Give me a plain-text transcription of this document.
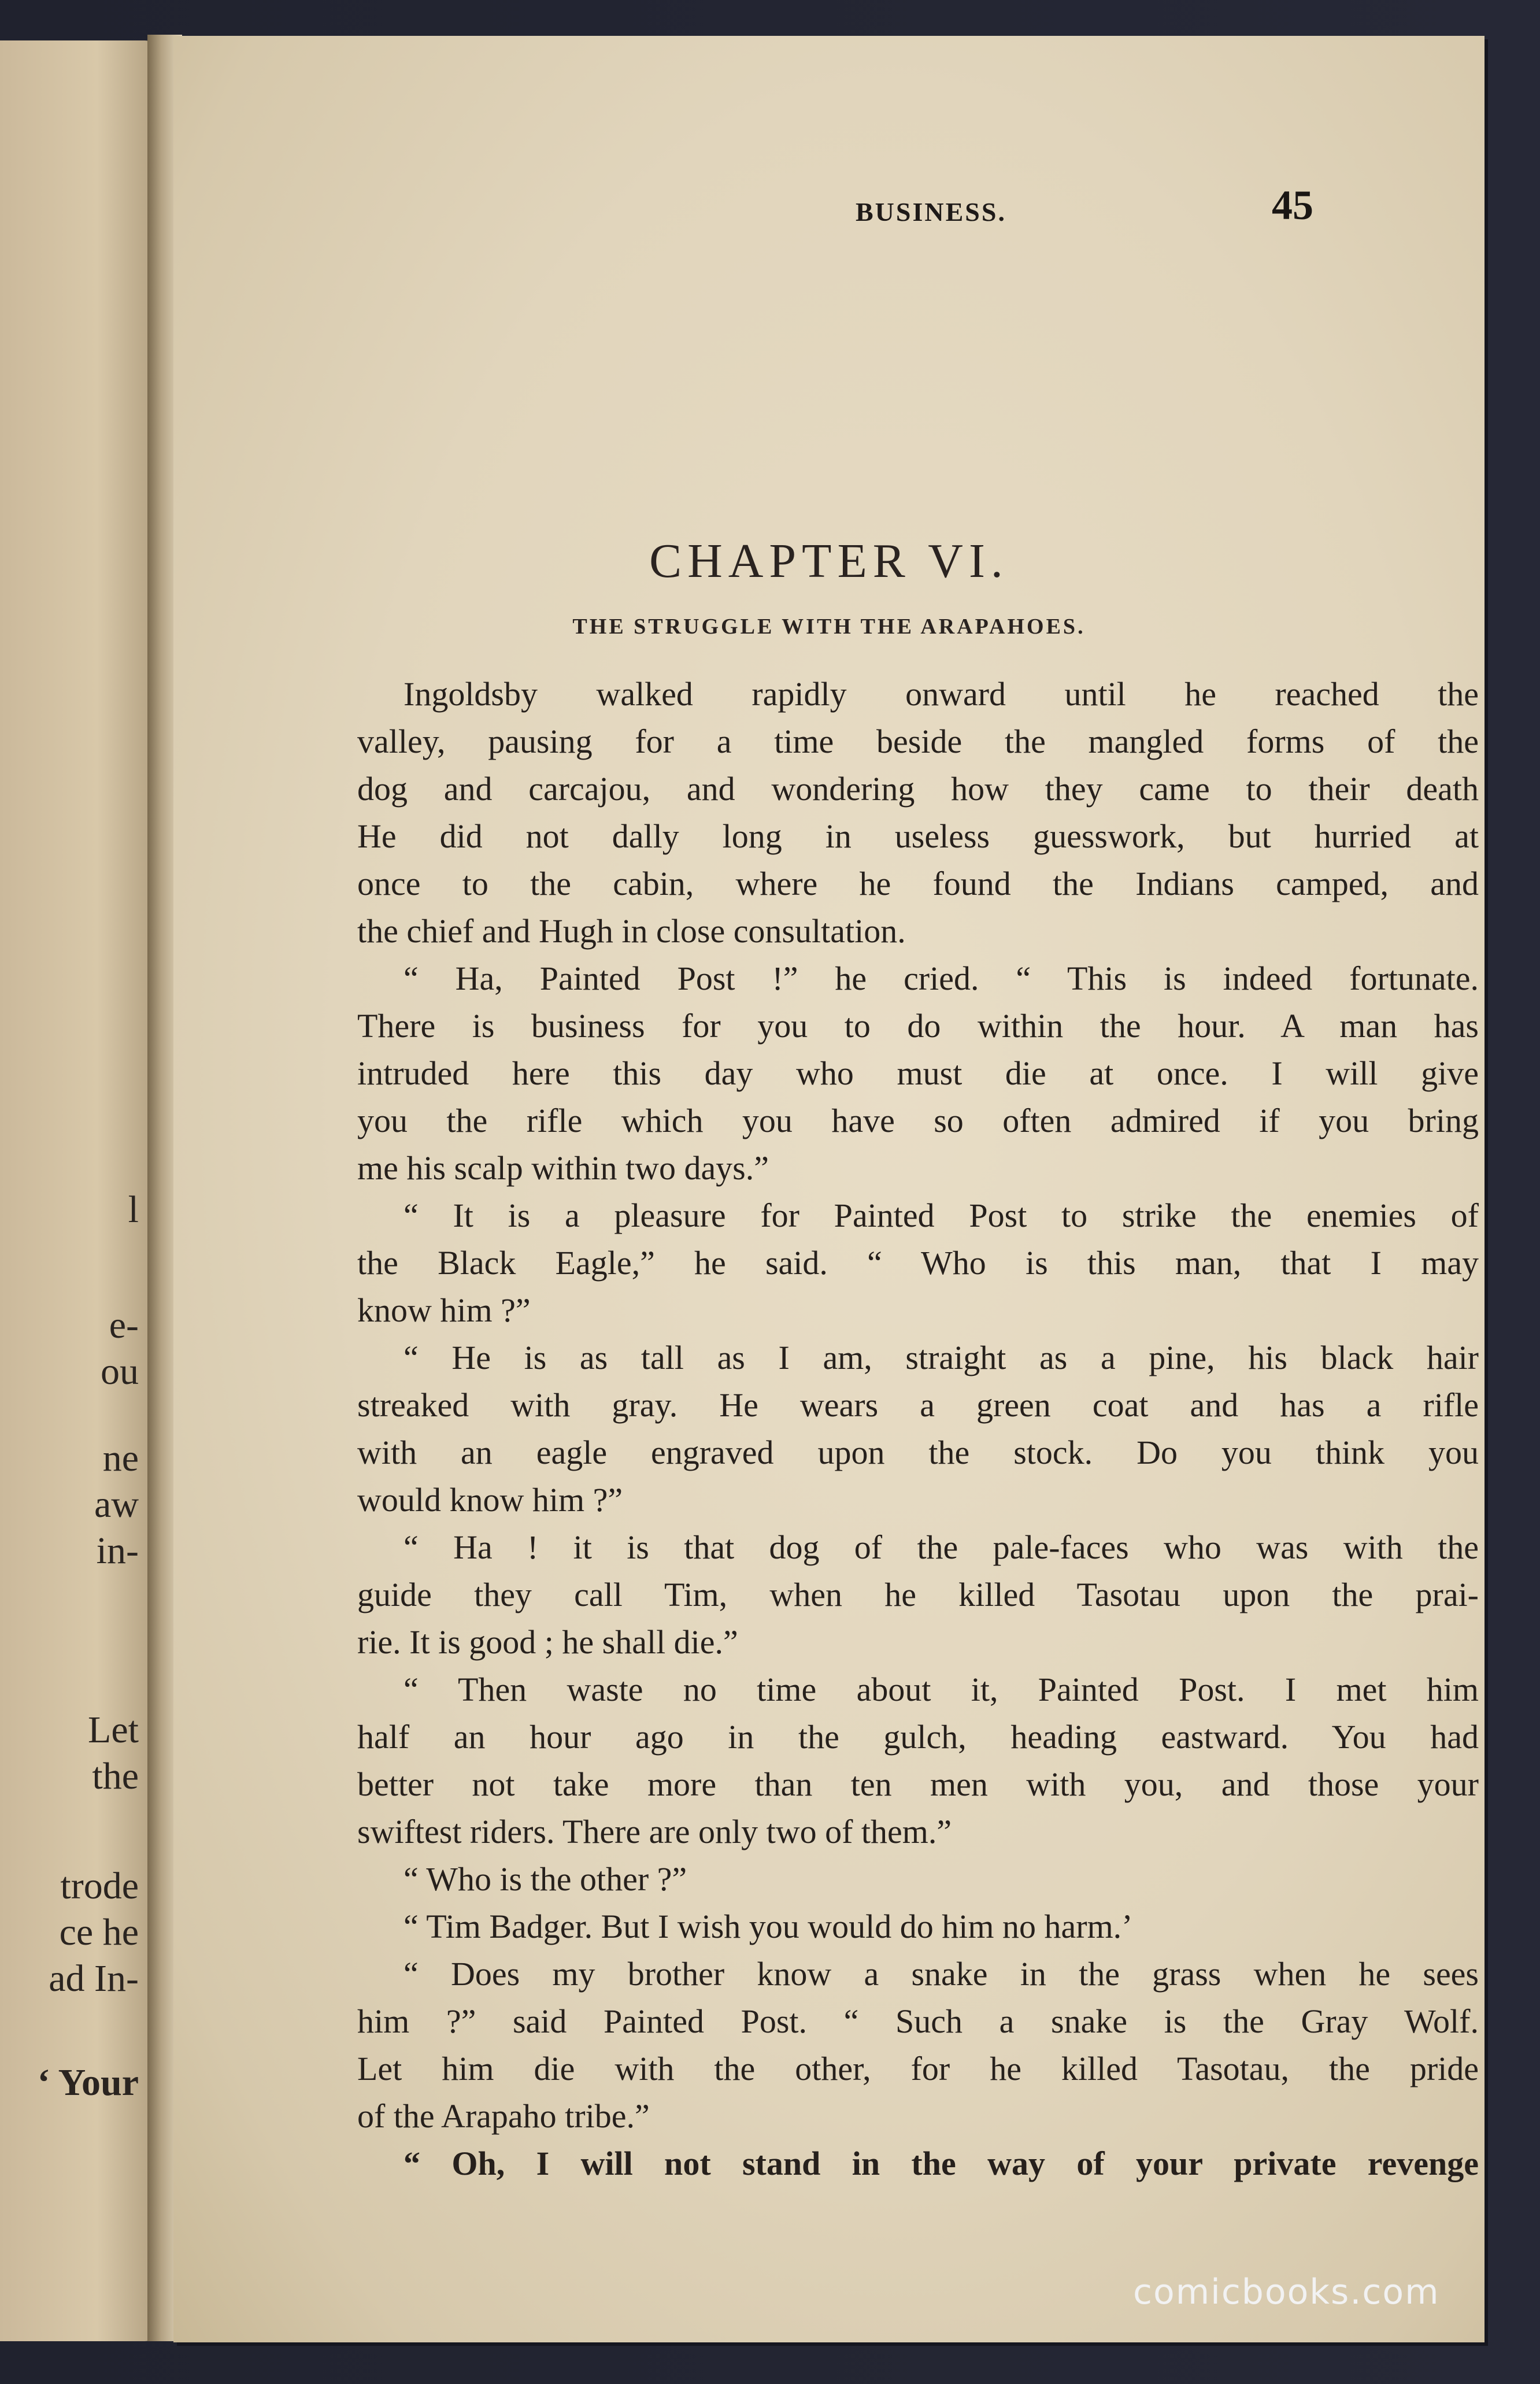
l
e-
ou
ne
aw
in-
Let
the
trode
ce he
ad In-
‘ Your
BUSINESS.	45
CHAPTER VI.
THE STRUGGLE WITH THE ARAPAHOES.
Ingoldsby walked rapidly onward until he reached the
valley, pausing for a time beside the mangled forms of the
dog and carcajou, and wondering how they came to their death
He did not dally long in useless guesswork, but hurried at
once to the cabin, where he found the Indians camped, and
the chief and Hugh in close consultation.
“ Ha, Painted Post !” he cried. “ This is indeed fortunate.
There is business for you to do within the hour. A man has
intruded here this day who must die at once. I will give
you the rifle which you have so often admired if you bring
me his scalp within two days.”
“ It is a pleasure for Painted Post to strike the enemies of
the Black Eagle,” he said. “ Who is this man, that I may
know him ?”
“ He is as tall as I am, straight as a pine, his black hair
streaked with gray. He wears a green coat and has a rifle
with an eagle engraved upon the stock. Do you think you
would know him ?”
“ Ha ! it is that dog of the pale-faces who was with the
guide they call Tim, when he killed Tasotau upon the prai-
rie. It is good ; he shall die.”
“ Then waste no time about it, Painted Post. I met him
half an hour ago in the gulch, heading eastward. You had
better not take more than ten men with you, and those your
swiftest riders. There are only two of them.”
“ Who is the other ?”
“ Tim Badger. But I wish you would do him no harm.’
“ Does my brother know a snake in the grass when he sees
him ?” said Painted Post. “ Such a snake is the Gray Wolf.
Let him die with the other, for he killed Tasotau, the pride
of the Arapaho tribe.”
“ Oh, I will not stand in the way of your private revenge
comicbooks.com
